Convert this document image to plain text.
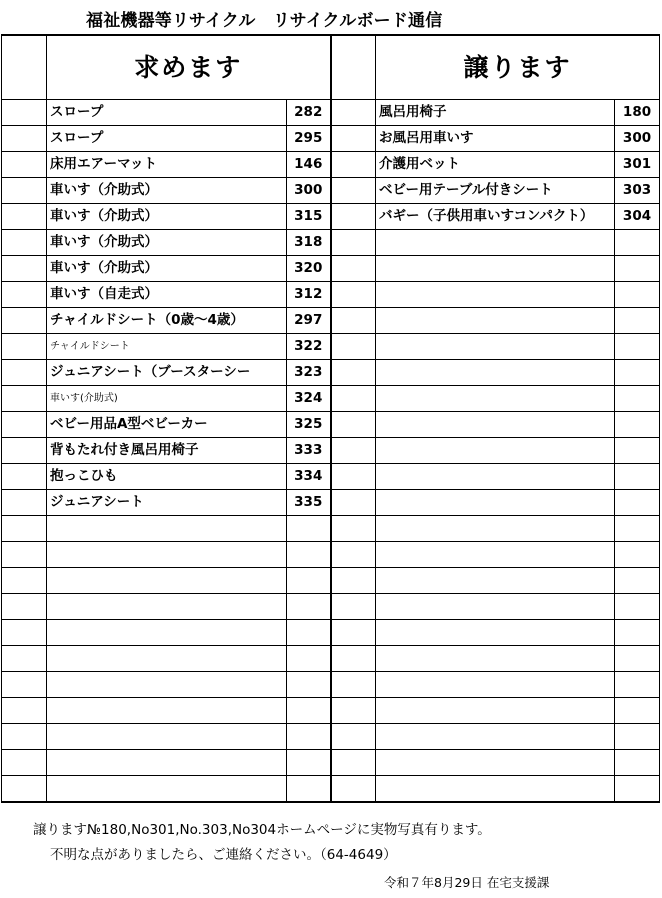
福祉機器等リサイクル　リサイクルボード通信
	求めます			譲ります	
	スロープ	282		風呂用椅子	180
	スロープ	295		お風呂用車いす	300
	床用エアーマット	146		介護用ベット	301
	車いす（介助式）	300		ベビー用テーブル付きシート	303
	車いす（介助式）	315		バギー（子供用車いすコンパクト）	304
	車いす（介助式）	318			
	車いす（介助式）	320			
	車いす（自走式）	312			
	チャイルドシート（0歳～4歳）	297			
	チャイルドシート	322			
	ジュニアシート（ブースターシー	323			
	車いす(介助式)	324			
	ベビー用品A型ベビーカー	325			
	背もたれ付き風呂用椅子	333			
	抱っこひも	334			
	ジュニアシート	335			

譲ります№180,No301,No.303,No304ホームページに実物写真有ります。
不明な点がありましたら、ご連絡ください。（64-4649）
令和７年8月29日 在宅支援課
